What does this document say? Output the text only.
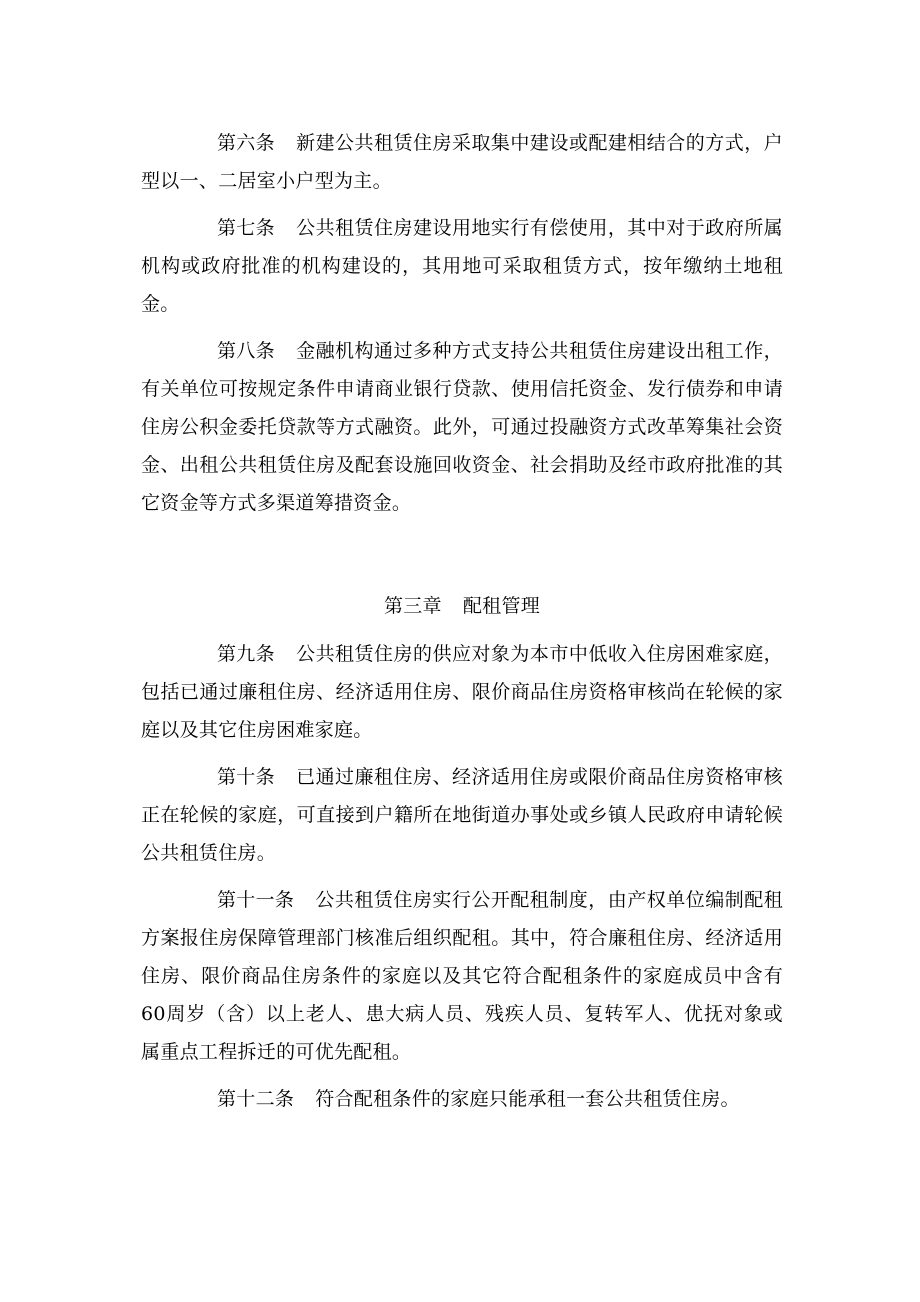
第六条 新建公共租赁住房采取集中建设或配建相结合的方式，户型以一、二居室小户型为主。

第七条 公共租赁住房建设用地实行有偿使用，其中对于政府所属机构或政府批准的机构建设的，其用地可采取租赁方式，按年缴纳土地租金。

第八条 金融机构通过多种方式支持公共租赁住房建设出租工作，有关单位可按规定条件申请商业银行贷款、使用信托资金、发行债券和申请住房公积金委托贷款等方式融资。此外，可通过投融资方式改革筹集社会资金、出租公共租赁住房及配套设施回收资金、社会捐助及经市政府批准的其它资金等方式多渠道筹措资金。

第三章 配租管理

第九条 公共租赁住房的供应对象为本市中低收入住房困难家庭，包括已通过廉租住房、经济适用住房、限价商品住房资格审核尚在轮候的家庭以及其它住房困难家庭。

第十条 已通过廉租住房、经济适用住房或限价商品住房资格审核正在轮候的家庭，可直接到户籍所在地街道办事处或乡镇人民政府申请轮候公共租赁住房。

第十一条 公共租赁住房实行公开配租制度，由产权单位编制配租方案报住房保障管理部门核准后组织配租。其中，符合廉租住房、经济适用住房、限价商品住房条件的家庭以及其它符合配租条件的家庭成员中含有60周岁（含）以上老人、患大病人员、残疾人员、复转军人、优抚对象或属重点工程拆迁的可优先配租。

第十二条 符合配租条件的家庭只能承租一套公共租赁住房。
